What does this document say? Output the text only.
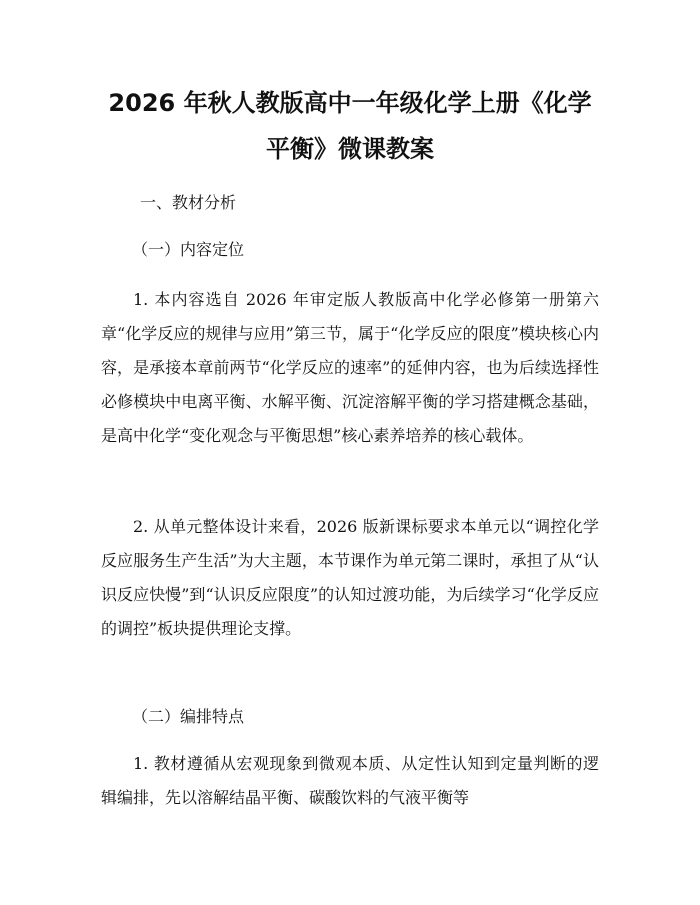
2026 年秋人教版高中一年级化学上册《化学
平衡》微课教案
一、教材分析
（一）内容定位
1. 本内容选自 2026 年审定版人教版高中化学必修第一册第六章“化学反应的规律与应用”第三节，属于“化学反应的限度”模块核心内容，是承接本章前两节“化学反应的速率”的延伸内容，也为后续选择性必修模块中电离平衡、水解平衡、沉淀溶解平衡的学习搭建概念基础，是高中化学“变化观念与平衡思想”核心素养培养的核心载体。
2. 从单元整体设计来看，2026 版新课标要求本单元以“调控化学反应服务生产生活”为大主题，本节课作为单元第二课时，承担了从“认识反应快慢”到“认识反应限度”的认知过渡功能，为后续学习“化学反应的调控”板块提供理论支撑。
（二）编排特点
1. 教材遵循从宏观现象到微观本质、从定性认知到定量判断的逻辑编排，先以溶解结晶平衡、碳酸饮料的气液平衡等
